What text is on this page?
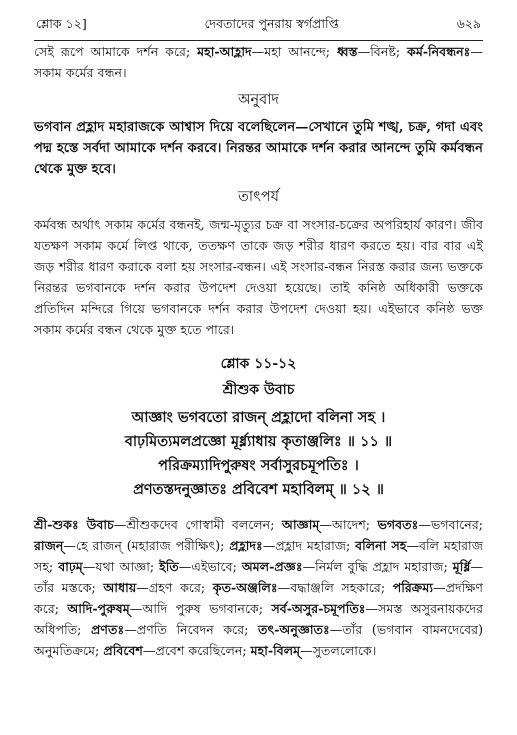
শ্লোক ১২]	দেবতাদের পুনরায় স্বর্গপ্রাপ্তি	৬২৯

সেই রূপে আমাকে দর্শন করে; মহা-আহ্লাদ—মহা আনন্দে; ধ্বস্ত—বিনষ্ট; কর্ম-নিবন্ধনঃ—সকাম কর্মের বন্ধন।

অনুবাদ

ভগবান প্রহ্লাদ মহারাজকে আশ্বাস দিয়ে বলেছিলেন—সেখানে তুমি শঙ্খ, চক্র, গদা এবং পদ্ম হস্তে সর্বদা আমাকে দর্শন করবে। নিরন্তর আমাকে দর্শন করার আনন্দে তুমি কর্মবন্ধন থেকে মুক্ত হবে।

তাৎপর্য

কর্মবন্ধ অর্থাৎ সকাম কর্মের বন্ধনই, জন্ম-মৃত্যুর চক্র বা সংসার-চক্রের অপরিহার্য কারণ। জীব যতক্ষণ সকাম কর্মে লিপ্ত থাকে, ততক্ষণ তাকে জড় শরীর ধারণ করতে হয়। বার বার এই জড় শরীর ধারণ করাকে বলা হয় সংসার-বন্ধন। এই সংসার-বন্ধন নিরস্ত করার জন্য ভক্তকে নিরন্তর ভগবানকে দর্শন করার উপদেশ দেওয়া হয়েছে। তাই কনিষ্ঠ অধিকারী ভক্তকে প্রতিদিন মন্দিরে গিয়ে ভগবানকে দর্শন করার উপদেশ দেওয়া হয়। এইভাবে কনিষ্ঠ ভক্ত সকাম কর্মের বন্ধন থেকে মুক্ত হতে পারে।

শ্লোক ১১-১২
শ্রীশুক উবাচ

আজ্ঞাং ভগবতো রাজন্ প্রহ্লাদো বলিনা সহ ।

বাঢ়মিত্যমলপ্রজ্ঞো মূর্ধ্ন্যাধায় কৃতাঞ্জলিঃ ॥ ১১ ॥

পরিক্রম্যাদিপুরুষং সর্বাসুরচমূপতিঃ ।

প্রণতস্তদনুজ্ঞাতঃ প্রবিবেশ মহাবিলম্ ॥ ১২ ॥

শ্রী-শুকঃ উবাচ—শ্রীশুকদেব গোস্বামী বললেন; আজ্ঞাম্—আদেশ; ভগবতঃ—ভগবানের; রাজন্—হে রাজন্ (মহারাজ পরীক্ষিৎ); প্রহ্লাদঃ—প্রহ্লাদ মহারাজ; বলিনা সহ—বলি মহারাজ সহ; বাঢ়ম্—যথা আজ্ঞা; ইতি—এইভাবে; অমল-প্রজ্ঞঃ—নির্মল বুদ্ধি প্রহ্লাদ মহারাজ; মূর্ধ্নি—তাঁর মস্তকে; আধায়—গ্রহণ করে; কৃত-অঞ্জলিঃ—বদ্ধাঞ্জলি সহকারে; পরিক্রম্য—প্রদক্ষিণ করে; আদি-পুরুষম্—আদি পুরুষ ভগবানকে; সর্ব-অসুর-চমূপতিঃ—সমস্ত অসুরনায়কদের অধিপতি; প্রণতঃ—প্রণতি নিবেদন করে; তৎ-অনুজ্ঞাতঃ—তাঁর (ভগবান বামনদেবের) অনুমতিক্রমে; প্রবিবেশ—প্রবেশ করেছিলেন; মহা-বিলম্—সুতললোকে।
